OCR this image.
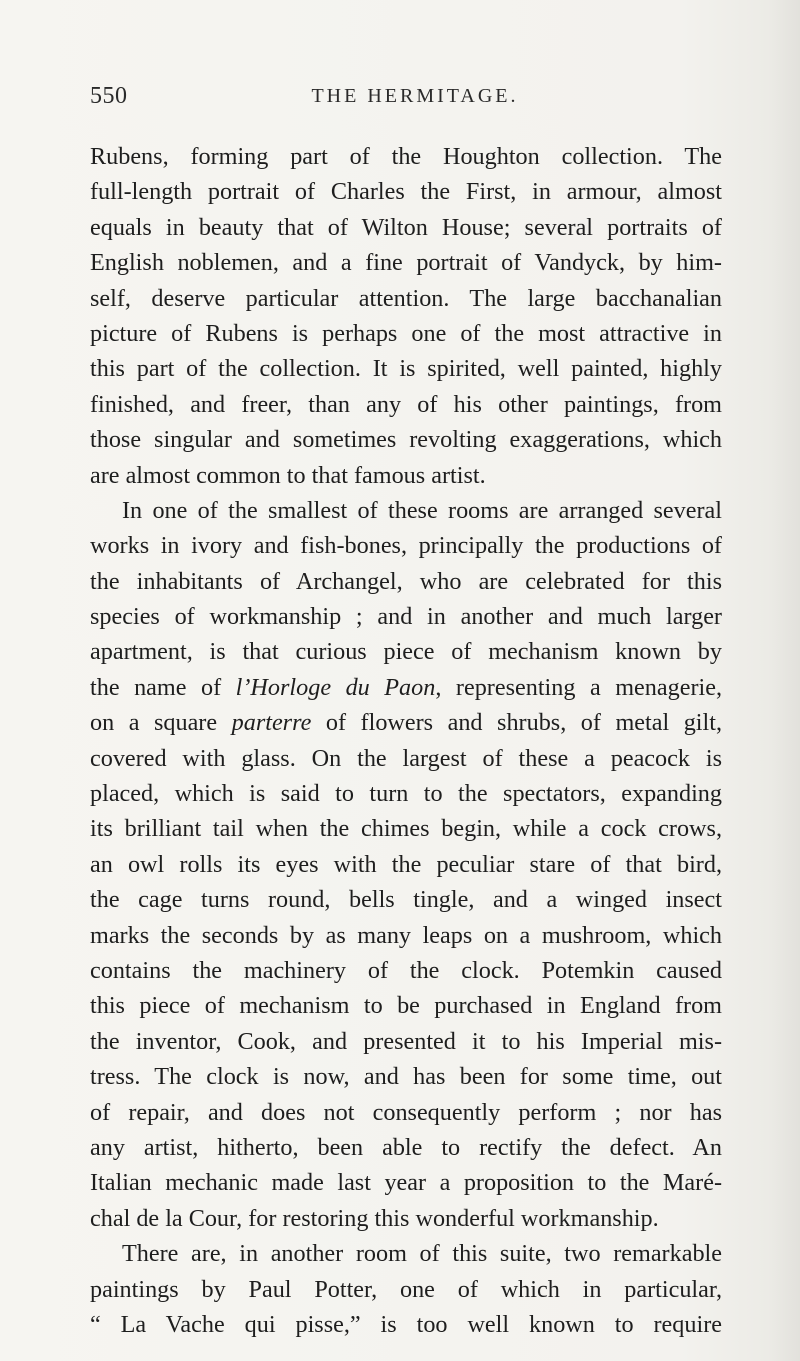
550	THE HERMITAGE.
Rubens, forming part of the Houghton collection. The
full-length portrait of Charles the First, in armour, almost
equals in beauty that of Wilton House; several portraits of
English noblemen, and a fine portrait of Vandyck, by him-
self, deserve particular attention. The large bacchanalian
picture of Rubens is perhaps one of the most attractive in
this part of the collection. It is spirited, well painted, highly
finished, and freer, than any of his other paintings, from
those singular and sometimes revolting exaggerations, which
are almost common to that famous artist.
In one of the smallest of these rooms are arranged several
works in ivory and fish-bones, principally the productions of
the inhabitants of Archangel, who are celebrated for this
species of workmanship ; and in another and much larger
apartment, is that curious piece of mechanism known by
the name of l’Horloge du Paon, representing a menagerie,
on a square parterre of flowers and shrubs, of metal gilt,
covered with glass. On the largest of these a peacock is
placed, which is said to turn to the spectators, expanding
its brilliant tail when the chimes begin, while a cock crows,
an owl rolls its eyes with the peculiar stare of that bird,
the cage turns round, bells tingle, and a winged insect
marks the seconds by as many leaps on a mushroom, which
contains the machinery of the clock. Potemkin caused
this piece of mechanism to be purchased in England from
the inventor, Cook, and presented it to his Imperial mis-
tress. The clock is now, and has been for some time, out
of repair, and does not consequently perform ; nor has
any artist, hitherto, been able to rectify the defect. An
Italian mechanic made last year a proposition to the Maré-
chal de la Cour, for restoring this wonderful workmanship.
There are, in another room of this suite, two remarkable
paintings by Paul Potter, one of which in particular,
“ La Vache qui pisse,” is too well known to require
